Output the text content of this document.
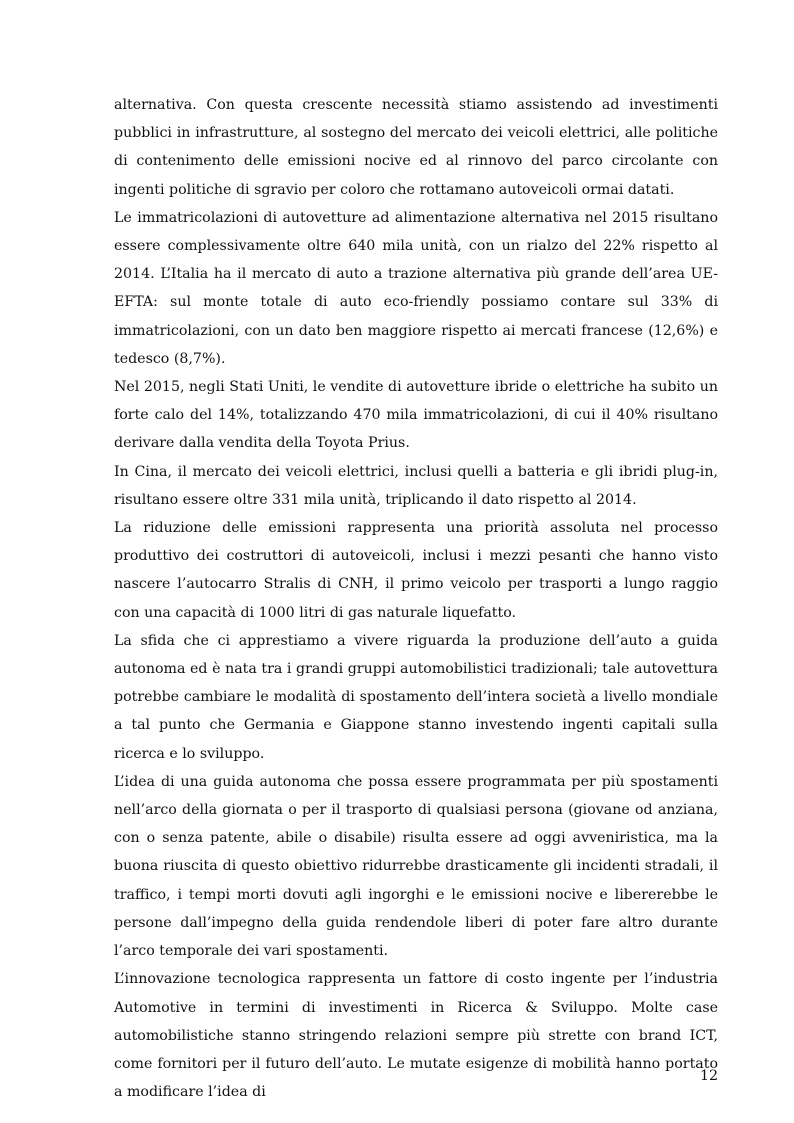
alternativa. Con questa crescente necessità stiamo assistendo ad investimenti pubblici in infrastrutture, al sostegno del mercato dei veicoli elettrici, alle politiche di contenimento delle emissioni nocive ed al rinnovo del parco circolante con ingenti politiche di sgravio per coloro che rottamano autoveicoli ormai datati.

Le immatricolazioni di autovetture ad alimentazione alternativa nel 2015 risultano essere complessivamente oltre 640 mila unità, con un rialzo del 22% rispetto al 2014. L’Italia ha il mercato di auto a trazione alternativa più grande dell’area UE-EFTA: sul monte totale di auto eco-friendly possiamo contare sul 33% di immatricolazioni, con un dato ben maggiore rispetto ai mercati francese (12,6%) e tedesco (8,7%).

Nel 2015, negli Stati Uniti, le vendite di autovetture ibride o elettriche ha subito un forte calo del 14%, totalizzando 470 mila immatricolazioni, di cui il 40% risultano derivare dalla vendita della Toyota Prius.

In Cina, il mercato dei veicoli elettrici, inclusi quelli a batteria e gli ibridi plug-in, risultano essere oltre 331 mila unità, triplicando il dato rispetto al 2014.

La riduzione delle emissioni rappresenta una priorità assoluta nel processo produttivo dei costruttori di autoveicoli, inclusi i mezzi pesanti che hanno visto nascere l’autocarro Stralis di CNH, il primo veicolo per trasporti a lungo raggio con una capacità di 1000 litri di gas naturale liquefatto.

La sfida che ci apprestiamo a vivere riguarda la produzione dell’auto a guida autonoma ed è nata tra i grandi gruppi automobilistici tradizionali; tale autovettura potrebbe cambiare le modalità di spostamento dell’intera società a livello mondiale a tal punto che Germania e Giappone stanno investendo ingenti capitali sulla ricerca e lo sviluppo.

L’idea di una guida autonoma che possa essere programmata per più spostamenti nell’arco della giornata o per il trasporto di qualsiasi persona (giovane od anziana, con o senza patente, abile o disabile) risulta essere ad oggi avveniristica, ma la buona riuscita di questo obiettivo ridurrebbe drasticamente gli incidenti stradali, il traffico, i tempi morti dovuti agli ingorghi e le emissioni nocive e libererebbe le persone dall’impegno della guida rendendole liberi di poter fare altro durante l’arco temporale dei vari spostamenti.

L’innovazione tecnologica rappresenta un fattore di costo ingente per l’industria Automotive in termini di investimenti in Ricerca & Sviluppo. Molte case automobilistiche stanno stringendo relazioni sempre più strette con brand ICT, come fornitori per il futuro dell’auto. Le mutate esigenze di mobilità hanno portato a modificare l’idea di

12
